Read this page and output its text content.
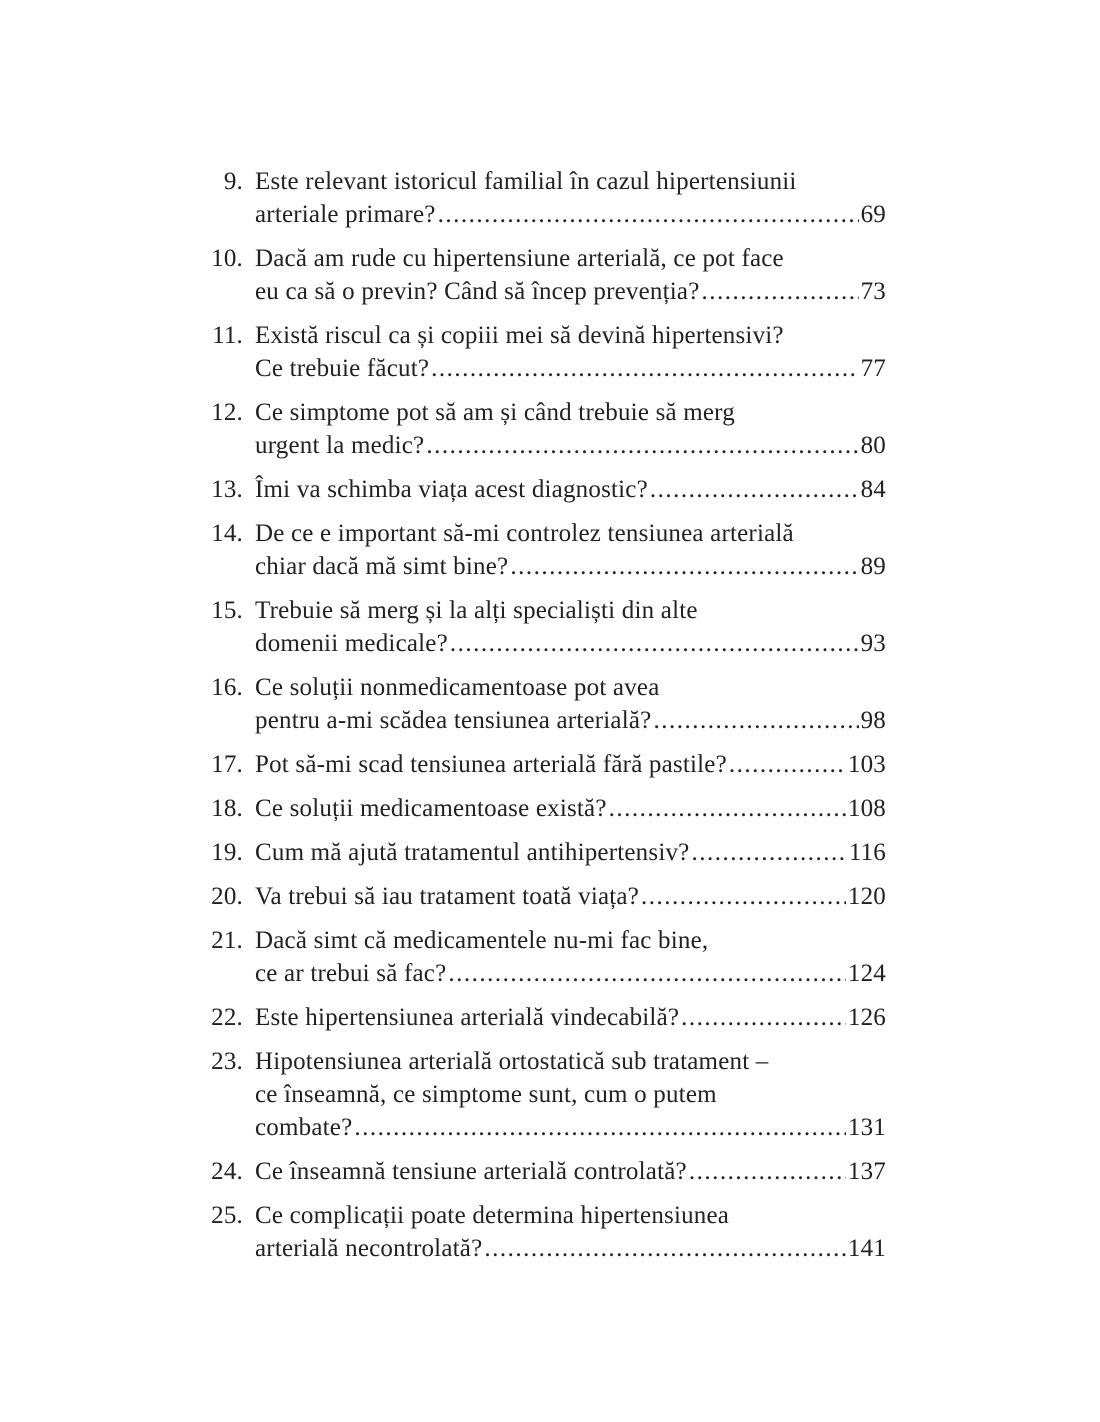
9. Este relevant istoricul familial în cazul hipertensiunii
arteriale primare? .....	69
10. Dacă am rude cu hipertensiune arterială, ce pot face
eu ca să o previn? Când să încep prevenția? .....	73
11. Există riscul ca și copiii mei să devină hipertensivi?
Ce trebuie făcut? .....	77
12. Ce simptome pot să am și când trebuie să merg
urgent la medic? .....	80
13. Îmi va schimba viața acest diagnostic? .....	84
14. De ce e important să-mi controlez tensiunea arterială
chiar dacă mă simt bine? .....	89
15. Trebuie să merg și la alți specialiști din alte
domenii medicale? .....	93
16. Ce soluții nonmedicamentoase pot avea
pentru a-mi scădea tensiunea arterială? .....	98
17. Pot să-mi scad tensiunea arterială fără pastile? .....	103
18. Ce soluții medicamentoase există? .....	108
19. Cum mă ajută tratamentul antihipertensiv? .....	116
20. Va trebui să iau tratament toată viața? .....	120
21. Dacă simt că medicamentele nu-mi fac bine,
ce ar trebui să fac? .....	124
22. Este hipertensiunea arterială vindecabilă? .....	126
23. Hipotensiunea arterială ortostatică sub tratament –
ce înseamnă, ce simptome sunt, cum o putem
combate? .....	131
24. Ce înseamnă tensiune arterială controlată? .....	137
25. Ce complicații poate determina hipertensiunea
arterială necontrolată? .....	141
